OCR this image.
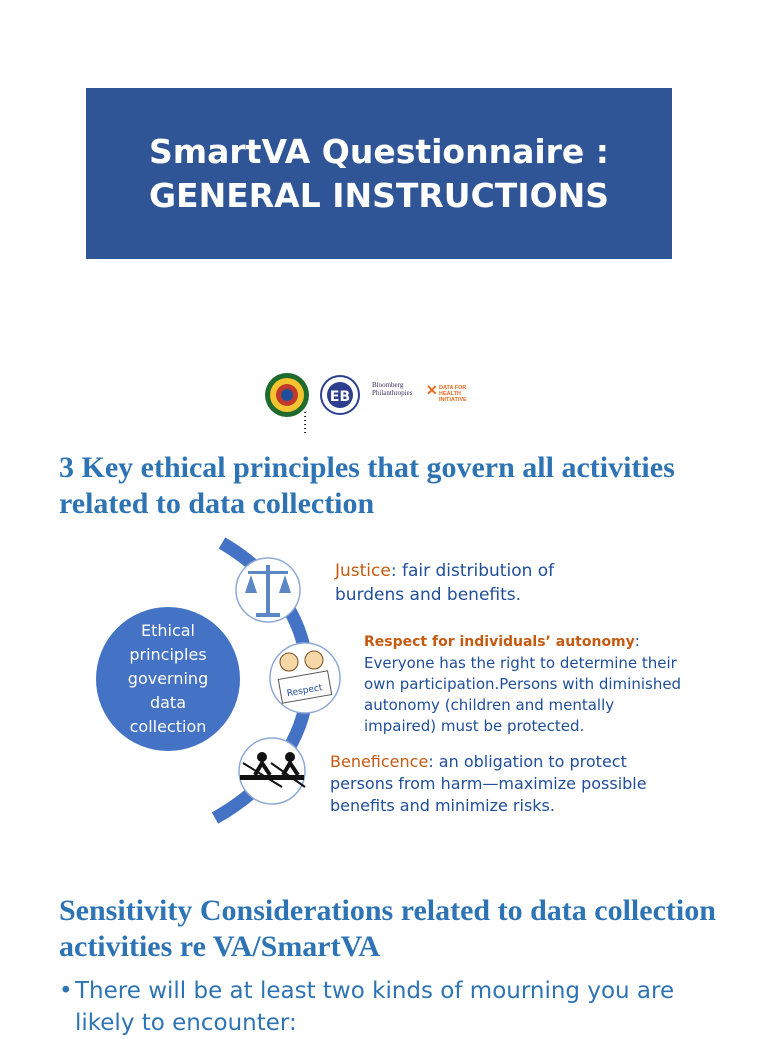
SmartVA Questionnaire :
GENERAL INSTRUCTIONS
EB
Bloomberg Philanthropies ✕ DATA FOR HEALTH INITIATIVE
3 Key ethical principles that govern all activities related to data collection
Respect
Ethical principles governing data collection
Justice: fair distribution of burdens and benefits.
Respect for individuals’ autonomy: Everyone has the right to determine their own participation.Persons with diminished autonomy (children and mentally impaired) must be protected.
Beneficence: an obligation to protect persons from harm—maximize possible benefits and minimize risks.
Sensitivity Considerations related to data collection activities re VA/SmartVA
• There will be at least two kinds of mourning you are
likely to encounter:
